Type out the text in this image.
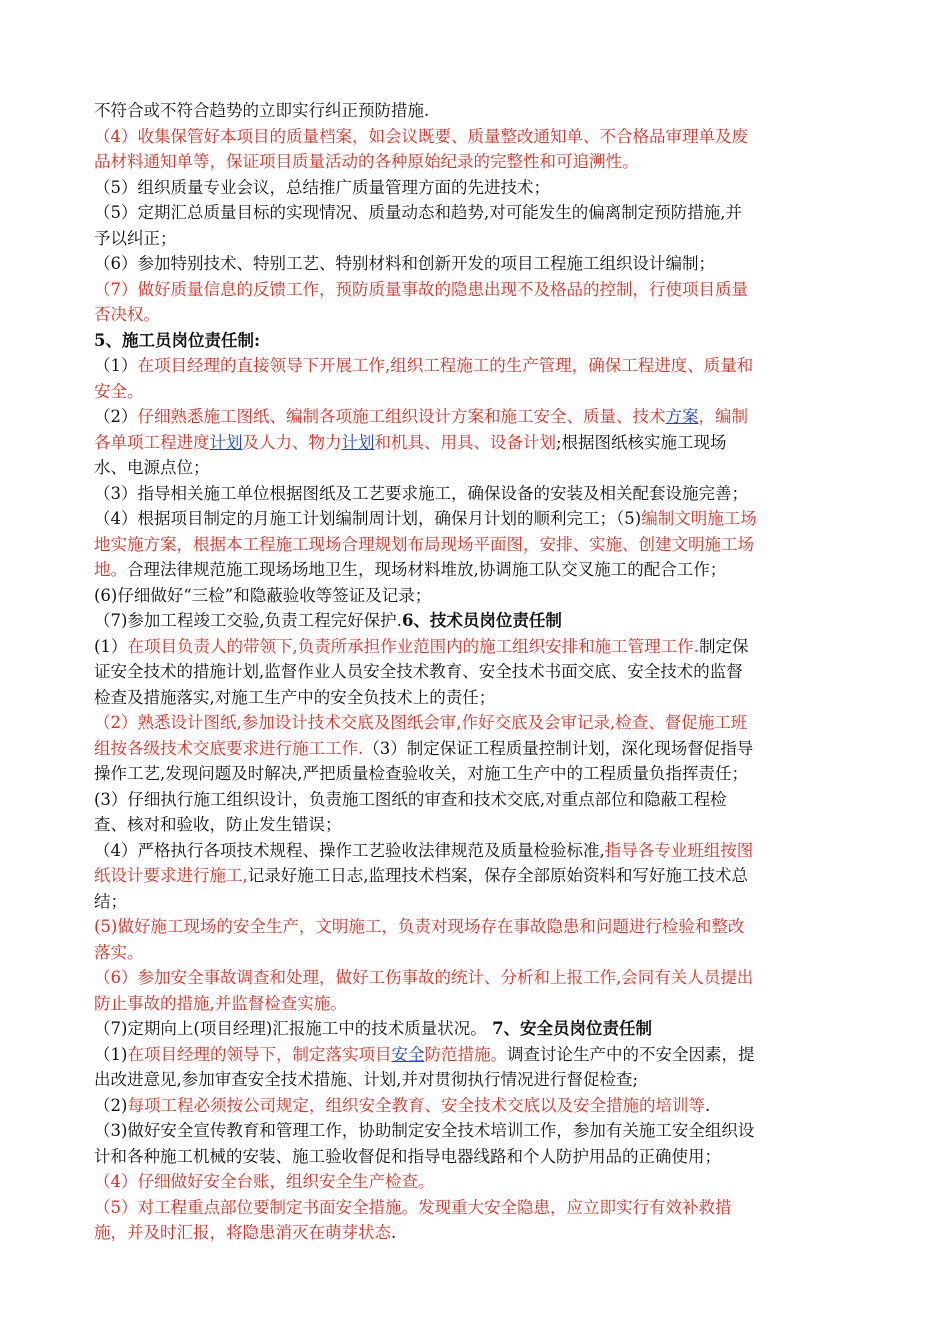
不符合或不符合趋势的立即实行纠正预防措施.
（4）收集保管好本项目的质量档案，如会议既要、质量整改通知单、不合格品审理单及废
品材料通知单等，保证项目质量活动的各种原始纪录的完整性和可追溯性。
（5）组织质量专业会议，总结推广质量管理方面的先进技术；
（5）定期汇总质量目标的实现情况、质量动态和趋势,对可能发生的偏离制定预防措施,并
予以纠正；
（6）参加特别技术、特别工艺、特别材料和创新开发的项目工程施工组织设计编制；
（7）做好质量信息的反馈工作，预防质量事故的隐患出现不及格品的控制，行使项目质量
否决权。
5、施工员岗位责任制:
（1）在项目经理的直接领导下开展工作,组织工程施工的生产管理，确保工程进度、质量和
安全。
（2）仔细熟悉施工图纸、编制各项施工组织设计方案和施工安全、质量、技术方案，编制
各单项工程进度计划及人力、物力计划和机具、用具、设备计划;根据图纸核实施工现场
水、电源点位；
（3）指导相关施工单位根据图纸及工艺要求施工，确保设备的安装及相关配套设施完善；
（4）根据项目制定的月施工计划编制周计划，确保月计划的顺利完工；（5)编制文明施工场
地实施方案，根据本工程施工现场合理规划布局现场平面图，安排、实施、创建文明施工场
地。合理法律规范施工现场场地卫生，现场材料堆放,协调施工队交叉施工的配合工作；
(6)仔细做好“三检”和隐蔽验收等签证及记录；
（7)参加工程竣工交验,负责工程完好保护.6、技术员岗位责任制
(1）在项目负责人的带领下,负责所承担作业范围内的施工组织安排和施工管理工作.制定保
证安全技术的措施计划,监督作业人员安全技术教育、安全技术书面交底、安全技术的监督
检查及措施落实,对施工生产中的安全负技术上的责任；
（2）熟悉设计图纸,参加设计技术交底及图纸会审,作好交底及会审记录,检查、督促施工班
组按各级技术交底要求进行施工工作.（3）制定保证工程质量控制计划，深化现场督促指导
操作工艺,发现问题及时解决,严把质量检查验收关，对施工生产中的工程质量负指挥责任；
(3）仔细执行施工组织设计，负责施工图纸的审查和技术交底,对重点部位和隐蔽工程检
查、核对和验收，防止发生错误；
（4）严格执行各项技术规程、操作工艺验收法律规范及质量检验标准,指导各专业班组按图
纸设计要求进行施工,记录好施工日志,监理技术档案，保存全部原始资料和写好施工技术总
结；
(5)做好施工现场的安全生产，文明施工，负责对现场存在事故隐患和问题进行检验和整改
落实。
（6）参加安全事故调查和处理，做好工伤事故的统计、分析和上报工作,会同有关人员提出
防止事故的措施,并监督检查实施。
（7)定期向上(项目经理)汇报施工中的技术质量状况。 7、安全员岗位责任制
（1)在项目经理的领导下，制定落实项目安全防范措施。调查讨论生产中的不安全因素，提
出改进意见,参加审查安全技术措施、计划,并对贯彻执行情况进行督促检查;
（2)每项工程必须按公司规定，组织安全教育、安全技术交底以及安全措施的培训等.
（3)做好安全宣传教育和管理工作，协助制定安全技术培训工作，参加有关施工安全组织设
计和各种施工机械的安装、施工验收督促和指导电器线路和个人防护用品的正确使用；
（4）仔细做好安全台账，组织安全生产检查。
（5）对工程重点部位要制定书面安全措施。发现重大安全隐患，应立即实行有效补救措
施，并及时汇报，将隐患消灭在萌芽状态.
